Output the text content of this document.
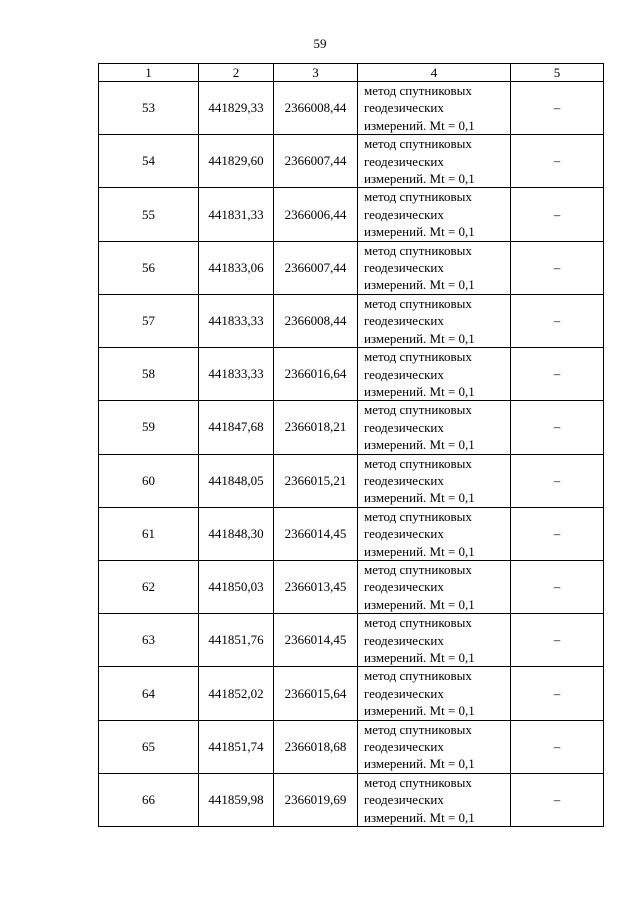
59
1	2	3	4	5
53	441829,33	2366008,44	метод спутниковых
геодезических
измерений. Mt = 0,1	–
54	441829,60	2366007,44	метод спутниковых
геодезических
измерений. Mt = 0,1	–
55	441831,33	2366006,44	метод спутниковых
геодезических
измерений. Mt = 0,1	–
56	441833,06	2366007,44	метод спутниковых
геодезических
измерений. Mt = 0,1	–
57	441833,33	2366008,44	метод спутниковых
геодезических
измерений. Mt = 0,1	–
58	441833,33	2366016,64	метод спутниковых
геодезических
измерений. Mt = 0,1	–
59	441847,68	2366018,21	метод спутниковых
геодезических
измерений. Mt = 0,1	–
60	441848,05	2366015,21	метод спутниковых
геодезических
измерений. Mt = 0,1	–
61	441848,30	2366014,45	метод спутниковых
геодезических
измерений. Mt = 0,1	–
62	441850,03	2366013,45	метод спутниковых
геодезических
измерений. Mt = 0,1	–
63	441851,76	2366014,45	метод спутниковых
геодезических
измерений. Mt = 0,1	–
64	441852,02	2366015,64	метод спутниковых
геодезических
измерений. Mt = 0,1	–
65	441851,74	2366018,68	метод спутниковых
геодезических
измерений. Mt = 0,1	–
66	441859,98	2366019,69	метод спутниковых
геодезических
измерений. Mt = 0,1	–
